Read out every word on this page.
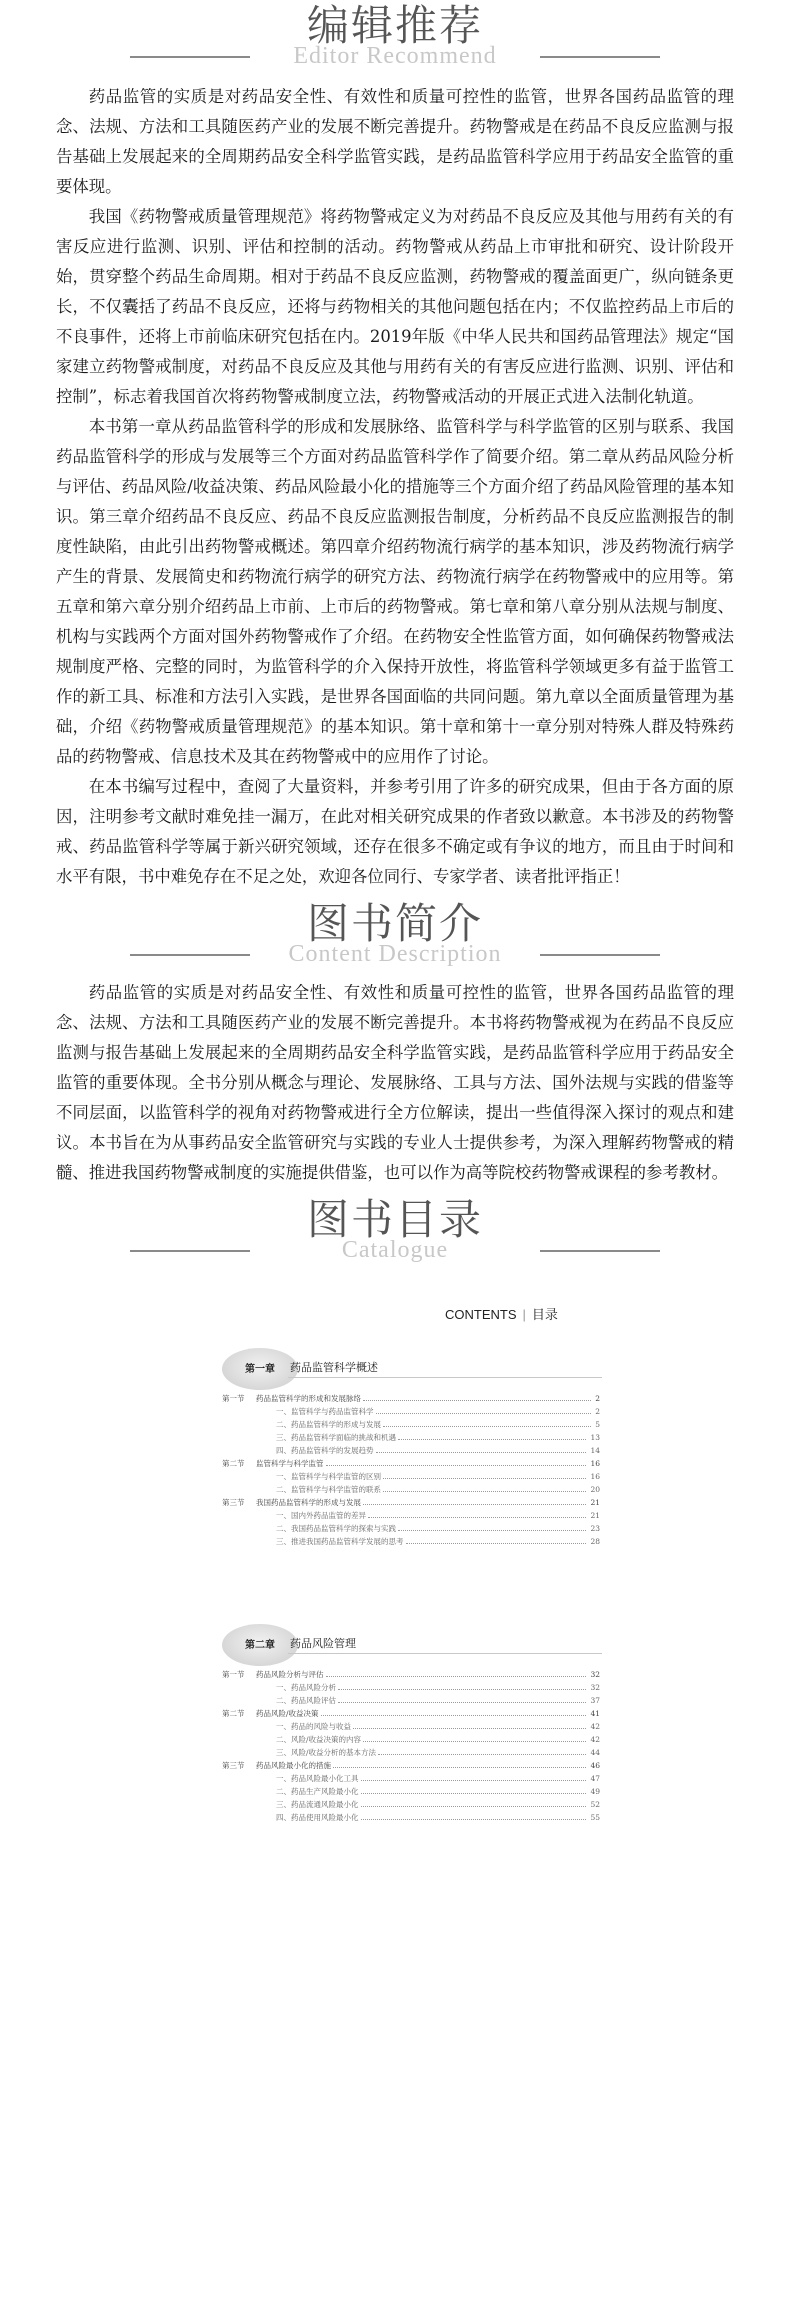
编辑推荐
Editor Recommend

药品监管的实质是对药品安全性、有效性和质量可控性的监管，世界各国药品监管的理念、法规、方法和工具随医药产业的发展不断完善提升。药物警戒是在药品不良反应监测与报告基础上发展起来的全周期药品安全科学监管实践，是药品监管科学应用于药品安全监管的重要体现。

我国《药物警戒质量管理规范》将药物警戒定义为对药品不良反应及其他与用药有关的有害反应进行监测、识别、评估和控制的活动。药物警戒从药品上市审批和研究、设计阶段开始，贯穿整个药品生命周期。相对于药品不良反应监测，药物警戒的覆盖面更广，纵向链条更长，不仅囊括了药品不良反应，还将与药物相关的其他问题包括在内；不仅监控药品上市后的不良事件，还将上市前临床研究包括在内。2019年版《中华人民共和国药品管理法》规定“国家建立药物警戒制度，对药品不良反应及其他与用药有关的有害反应进行监测、识别、评估和控制”，标志着我国首次将药物警戒制度立法，药物警戒活动的开展正式进入法制化轨道。

本书第一章从药品监管科学的形成和发展脉络、监管科学与科学监管的区别与联系、我国药品监管科学的形成与发展等三个方面对药品监管科学作了简要介绍。第二章从药品风险分析与评估、药品风险/收益决策、药品风险最小化的措施等三个方面介绍了药品风险管理的基本知识。第三章介绍药品不良反应、药品不良反应监测报告制度，分析药品不良反应监测报告的制度性缺陷，由此引出药物警戒概述。第四章介绍药物流行病学的基本知识，涉及药物流行病学产生的背景、发展简史和药物流行病学的研究方法、药物流行病学在药物警戒中的应用等。第五章和第六章分别介绍药品上市前、上市后的药物警戒。第七章和第八章分别从法规与制度、机构与实践两个方面对国外药物警戒作了介绍。在药物安全性监管方面，如何确保药物警戒法规制度严格、完整的同时，为监管科学的介入保持开放性，将监管科学领域更多有益于监管工作的新工具、标准和方法引入实践，是世界各国面临的共同问题。第九章以全面质量管理为基础，介绍《药物警戒质量管理规范》的基本知识。第十章和第十一章分别对特殊人群及特殊药品的药物警戒、信息技术及其在药物警戒中的应用作了讨论。

在本书编写过程中，查阅了大量资料，并参考引用了许多的研究成果，但由于各方面的原因，注明参考文献时难免挂一漏万，在此对相关研究成果的作者致以歉意。本书涉及的药物警戒、药品监管科学等属于新兴研究领域，还存在很多不确定或有争议的地方，而且由于时间和水平有限，书中难免存在不足之处，欢迎各位同行、专家学者、读者批评指正！

图书简介
Content Description

药品监管的实质是对药品安全性、有效性和质量可控性的监管，世界各国药品监管的理念、法规、方法和工具随医药产业的发展不断完善提升。本书将药物警戒视为在药品不良反应监测与报告基础上发展起来的全周期药品安全科学监管实践，是药品监管科学应用于药品安全监管的重要体现。全书分别从概念与理论、发展脉络、工具与方法、国外法规与实践的借鉴等不同层面，以监管科学的视角对药物警戒进行全方位解读，提出一些值得深入探讨的观点和建议。本书旨在为从事药品安全监管研究与实践的专业人士提供参考，为深入理解药物警戒的精髓、推进我国药物警戒制度的实施提供借鉴，也可以作为高等院校药物警戒课程的参考教材。

图书目录
Catalogue
CONTENTS | 目录
第一章	药品监管科学概述
第一节 药品监管科学的形成和发展脉络	2
一、监管科学与药品监管科学	2
二、药品监管科学的形成与发展	5
三、药品监管科学面临的挑战和机遇	13
四、药品监管科学的发展趋势	14
第二节 监管科学与科学监管	16
一、监管科学与科学监管的区别	16
二、监管科学与科学监管的联系	20
第三节 我国药品监管科学的形成与发展	21
一、国内外药品监管的差异	21
二、我国药品监管科学的探索与实践	23
三、推进我国药品监管科学发展的思考	28
第二章	药品风险管理
第一节 药品风险分析与评估	32
一、药品风险分析	32
二、药品风险评估	37
第二节 药品风险/收益决策	41
一、药品的风险与收益	42
二、风险/收益决策的内容	42
三、风险/收益分析的基本方法	44
第三节 药品风险最小化的措施	46
一、药品风险最小化工具	47
二、药品生产风险最小化	49
三、药品流通风险最小化	52
四、药品使用风险最小化	55
